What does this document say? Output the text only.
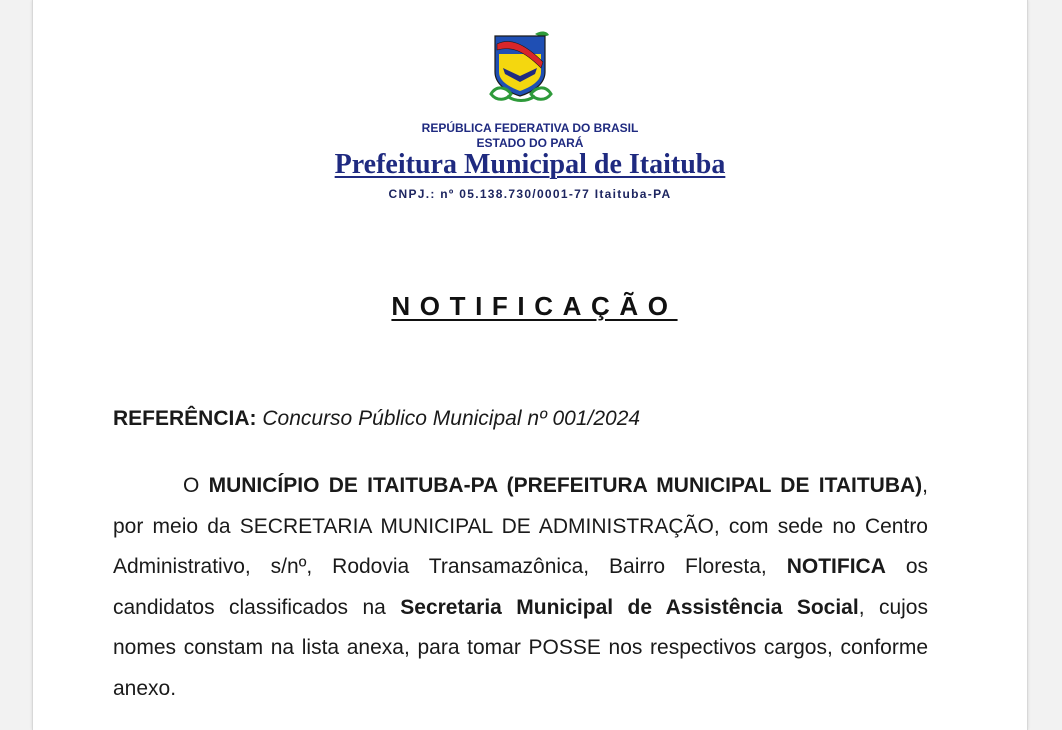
REPÚBLICA FEDERATIVA DO BRASIL
ESTADO DO PARÁ
Prefeitura Municipal de Itaituba
CNPJ.: nº 05.138.730/0001-77 Itaituba-PA
NOTIFICAÇÃO
REFERÊNCIA: Concurso Público Municipal nº 001/2024

O MUNICÍPIO DE ITAITUBA-PA (PREFEITURA MUNICIPAL DE ITAITUBA), por meio da SECRETARIA MUNICIPAL DE ADMINISTRAÇÃO, com sede no Centro Administrativo, s/nº, Rodovia Transamazônica, Bairro Floresta, NOTIFICA os candidatos classificados na Secretaria Municipal de Assistência Social, cujos nomes constam na lista anexa, para tomar POSSE nos respectivos cargos, conforme anexo.
